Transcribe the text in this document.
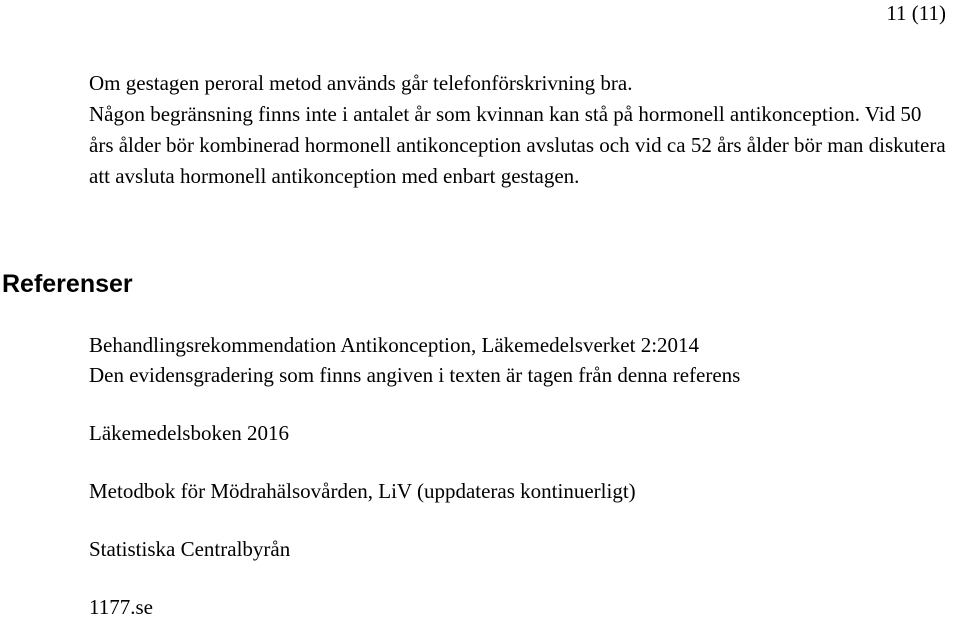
11 (11)

Om gestagen peroral metod används går telefonförskrivning bra.

Någon begränsning finns inte i antalet år som kvinnan kan stå på hormonell antikonception. Vid 50 års ålder bör kombinerad hormonell antikonception avslutas och vid ca 52 års ålder bör man diskutera att avsluta hormonell antikonception med enbart gestagen.

Referenser

Behandlingsrekommendation Antikonception, Läkemedelsverket 2:2014

Den evidensgradering som finns angiven i texten är tagen från denna referens

Läkemedelsboken 2016

Metodbok för Mödrahälsovården, LiV (uppdateras kontinuerligt)

Statistiska Centralbyrån

1177.se
